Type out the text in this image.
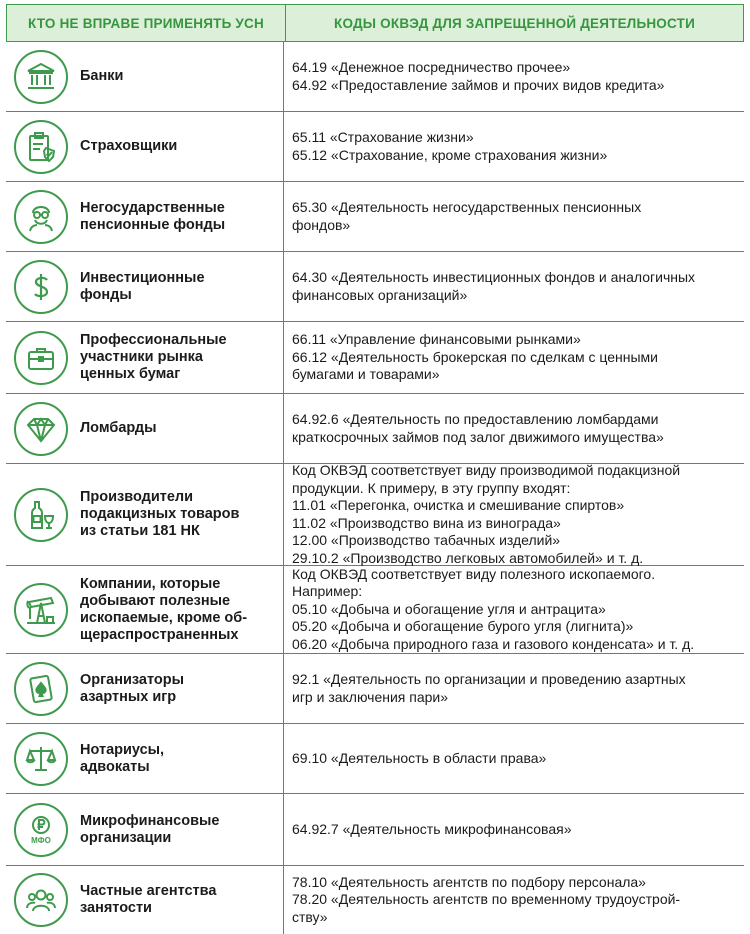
КТО НЕ ВПРАВЕ ПРИМЕНЯТЬ УСН	КОДЫ ОКВЭД ДЛЯ ЗАПРЕЩЕННОЙ ДЕЯТЕЛЬНОСТИ
Банки
64.19 «Денежное посредничество прочее»
64.92 «Предоставление займов и прочих видов кредита»
Страховщики
65.11 «Страхование жизни»
65.12 «Страхование, кроме страхования жизни»
Негосударственные
пенсионные фонды
65.30 «Деятельность негосударственных пенсионных
фондов»
Инвестиционные
фонды
64.30 «Деятельность инвестиционных фондов и аналогичных
финансовых организаций»
Профессиональные
участники рынка
ценных бумаг
66.11 «Управление финансовыми рынками»
66.12 «Деятельность брокерская по сделкам с ценными
бумагами и товарами»
Ломбарды
64.92.6 «Деятельность по предоставлению ломбардами
краткосрочных займов под залог движимого имущества»
Производители
подакцизных товаров
из статьи 181 НК
Код ОКВЭД соответствует виду производимой подакцизной
продукции. К примеру, в эту группу входят:
11.01 «Перегонка, очистка и смешивание спиртов»
11.02 «Производство вина из винограда»
12.00 «Производство табачных изделий»
29.10.2 «Производство легковых автомобилей» и т. д.
Компании, которые
добывают полезные
ископаемые, кроме об-
щераспространенных
Код ОКВЭД соответствует виду полезного ископаемого.
Например:
05.10 «Добыча и обогащение угля и антрацита»
05.20 «Добыча и обогащение бурого угля (лигнита)»
06.20 «Добыча природного газа и газового конденсата» и т. д.
Организаторы
азартных игр
92.1 «Деятельность по организации и проведению азартных
игр и заключения пари»
Нотариусы,
адвокаты
69.10 «Деятельность в области права»
МФО
Микрофинансовые
организации
64.92.7 «Деятельность микрофинансовая»
Частные агентства
занятости
78.10 «Деятельность агентств по подбору персонала»
78.20 «Деятельность агентств по временному трудоустрой-
ству»
